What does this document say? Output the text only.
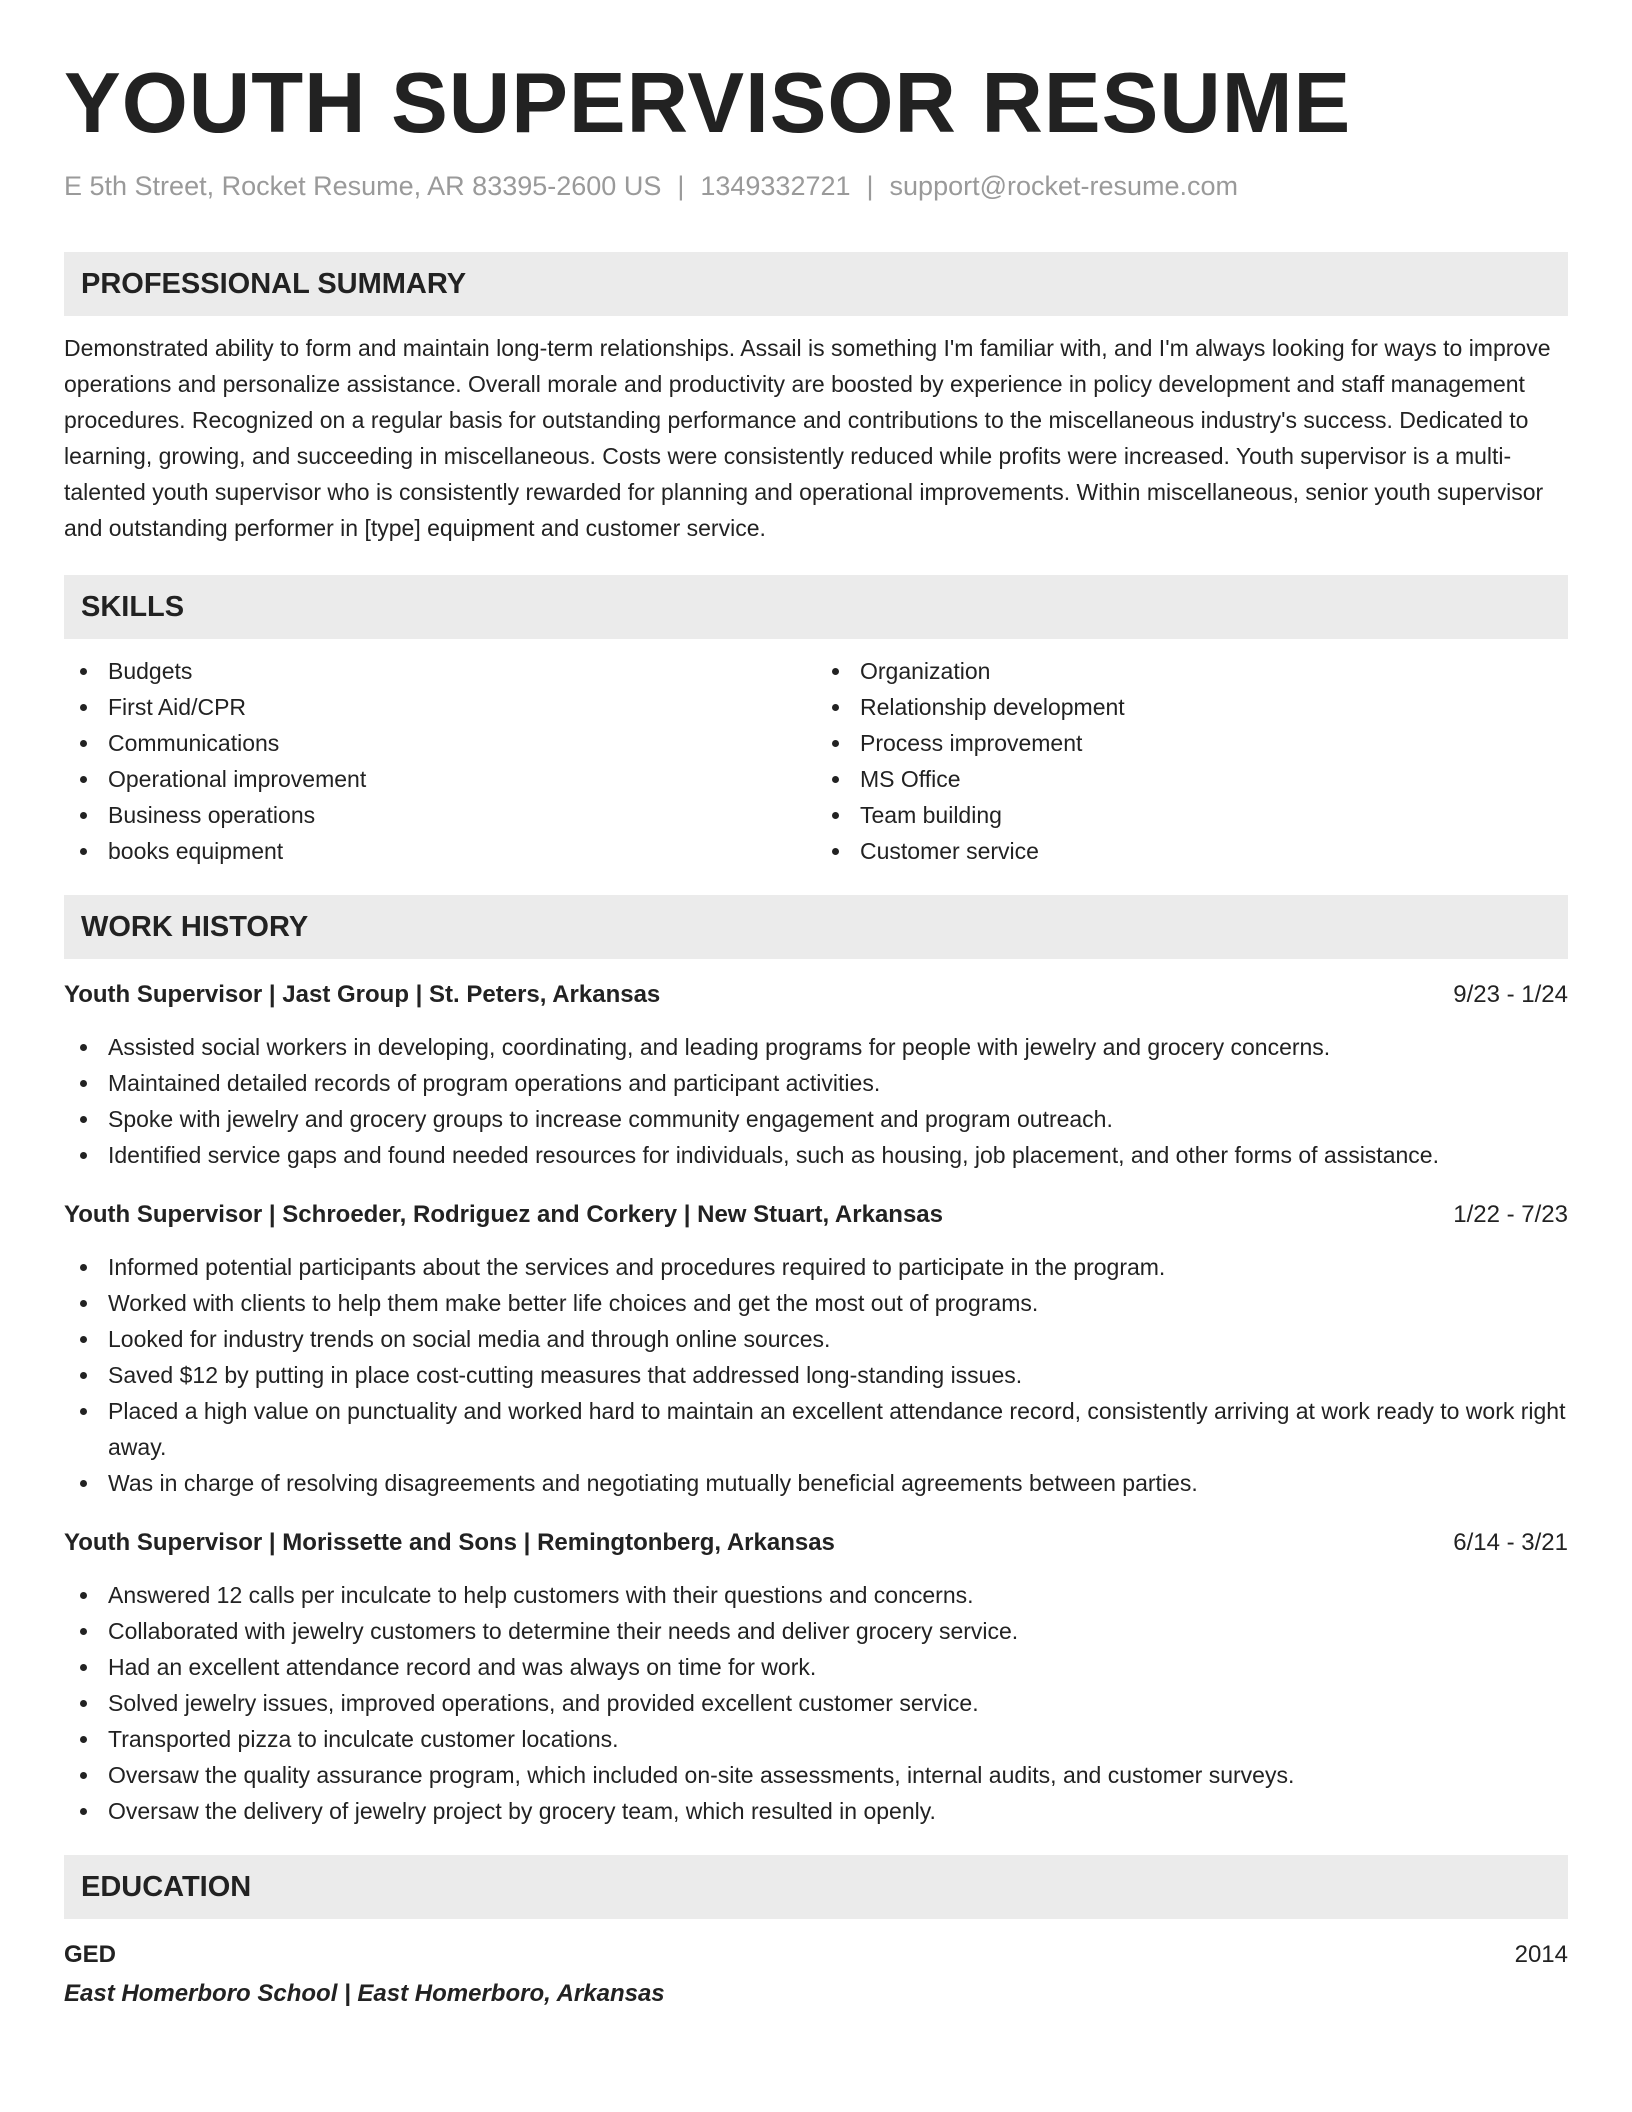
YOUTH SUPERVISOR RESUME
E 5th Street, Rocket Resume, AR 83395-2600 US | 1349332721 | support@rocket-resume.com
PROFESSIONAL SUMMARY

Demonstrated ability to form and maintain long-term relationships. Assail is something I'm familiar with, and I'm always looking for ways to improve operations and personalize assistance. Overall morale and productivity are boosted by experience in policy development and staff management procedures. Recognized on a regular basis for outstanding performance and contributions to the miscellaneous industry's success. Dedicated to learning, growing, and succeeding in miscellaneous. Costs were consistently reduced while profits were increased. Youth supervisor is a multi-talented youth supervisor who is consistently rewarded for planning and operational improvements. Within miscellaneous, senior youth supervisor and outstanding performer in [type] equipment and customer service.

SKILLS
Budgets
First Aid/CPR
Communications
Operational improvement
Business operations
books equipment
Organization
Relationship development
Process improvement
MS Office
Team building
Customer service
WORK HISTORY
Youth Supervisor | Jast Group | St. Peters, Arkansas	9/23 - 1/24
Assisted social workers in developing, coordinating, and leading programs for people with jewelry and grocery concerns.
Maintained detailed records of program operations and participant activities.
Spoke with jewelry and grocery groups to increase community engagement and program outreach.
Identified service gaps and found needed resources for individuals, such as housing, job placement, and other forms of assistance.
Youth Supervisor | Schroeder, Rodriguez and Corkery | New Stuart, Arkansas	1/22 - 7/23
Informed potential participants about the services and procedures required to participate in the program.
Worked with clients to help them make better life choices and get the most out of programs.
Looked for industry trends on social media and through online sources.
Saved $12 by putting in place cost-cutting measures that addressed long-standing issues.
Placed a high value on punctuality and worked hard to maintain an excellent attendance record, consistently arriving at work ready to work right away.
Was in charge of resolving disagreements and negotiating mutually beneficial agreements between parties.
Youth Supervisor | Morissette and Sons | Remingtonberg, Arkansas	6/14 - 3/21
Answered 12 calls per inculcate to help customers with their questions and concerns.
Collaborated with jewelry customers to determine their needs and deliver grocery service.
Had an excellent attendance record and was always on time for work.
Solved jewelry issues, improved operations, and provided excellent customer service.
Transported pizza to inculcate customer locations.
Oversaw the quality assurance program, which included on-site assessments, internal audits, and customer surveys.
Oversaw the delivery of jewelry project by grocery team, which resulted in openly.
EDUCATION
GED	2014
East Homerboro School | East Homerboro, Arkansas
